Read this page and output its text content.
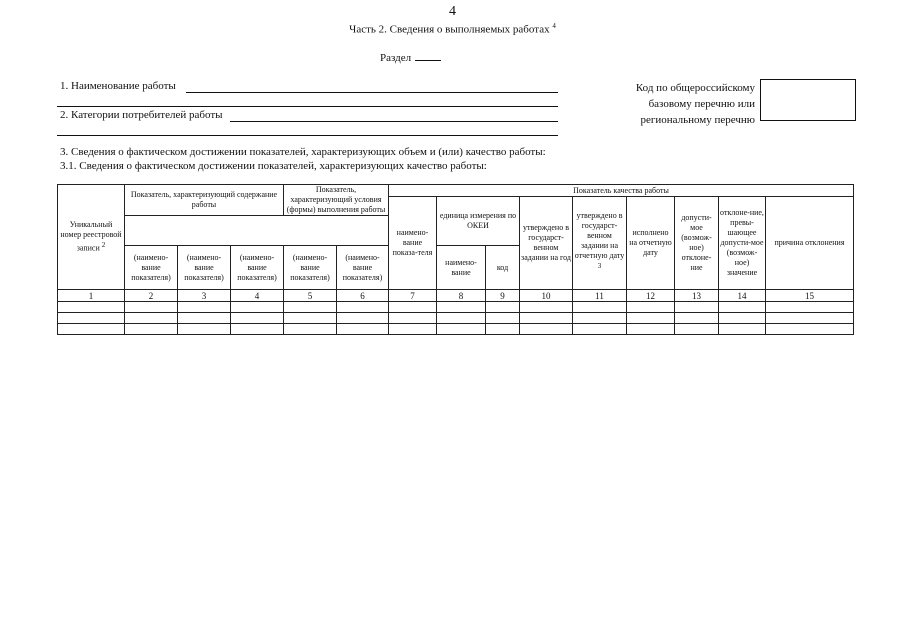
4
Часть 2. Сведения о выполняемых работах $^4$
Раздел
1. Наименование работы
2. Категории потребителей работы
Код по общероссийскому
базовому перечню или
региональному перечню
3. Сведения о фактическом достижении показателей, характеризующих объем и (или) качество работы:
3.1. Сведения о фактическом достижении показателей, характеризующих качество работы:
Уникальный номер реестровой записи $^2$	Показатель, характеризующий содержание работы			Показатель, характеризующий условия (формы) выполнения работы		Показатель качества работы								
						наимено-вание показа-теля	единица измерения по ОКЕИ		утверждено в государст-венном задании на год	утверждено в государст-венном задании на отчетную дату $^3$	исполнено на отчетную дату	допусти-мое (возмож-ное) отклоне-ние	отклоне-ние, превы-шающее допусти-мое (возмож-ное) значение	причина отклонения

	(наимено-вание показателя)	(наимено-вание показателя)	(наимено-вание показателя)	(наимено-вание показателя)	(наимено-вание показателя)		наимено-вание	код						
1	2	3	4	5	6	7	8	9	10	11	12	13	14	15
